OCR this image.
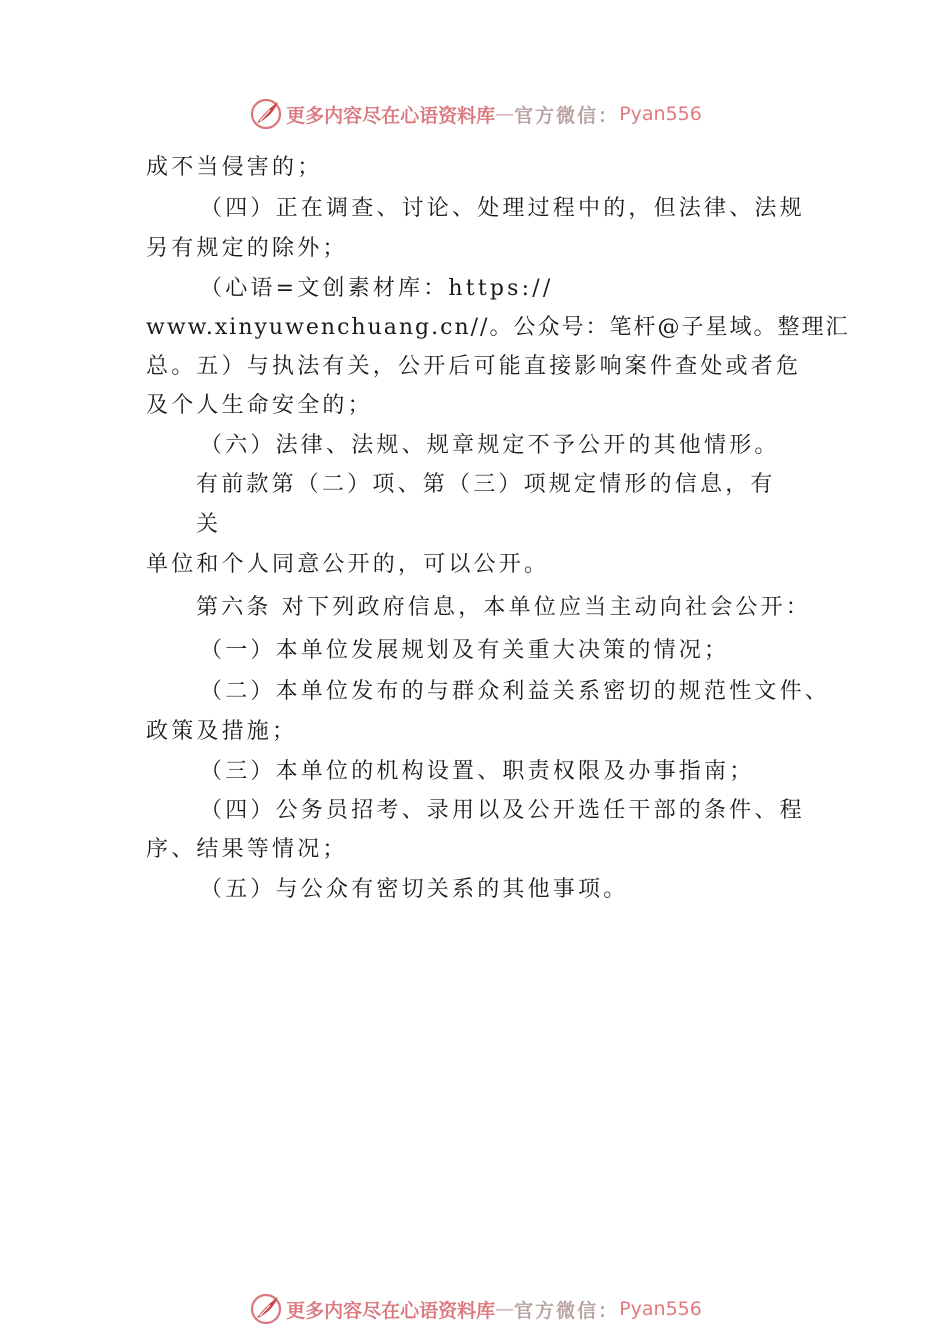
更多内容尽在心语资料库 — 官方微信： Pyan556
成不当侵害的；
（四）正在调查、讨论、处理过程中的，但法律、法规
另有规定的除外；
（心语=文创素材库：https://
www.xinyuwenchuang.cn//。公众号：笔杆@子星域。整理汇
总。五）与执法有关，公开后可能直接影响案件查处或者危
及个人生命安全的；
（六）法律、法规、规章规定不予公开的其他情形。
有前款第（二）项、第（三）项规定情形的信息，有
关
单位和个人同意公开的，可以公开。
第六条 对下列政府信息，本单位应当主动向社会公开：
（一）本单位发展规划及有关重大决策的情况；
（二）本单位发布的与群众利益关系密切的规范性文件、
政策及措施；
（三）本单位的机构设置、职责权限及办事指南；
（四）公务员招考、录用以及公开选任干部的条件、程
序、结果等情况；
（五）与公众有密切关系的其他事项。
更多内容尽在心语资料库 — 官方微信： Pyan556
